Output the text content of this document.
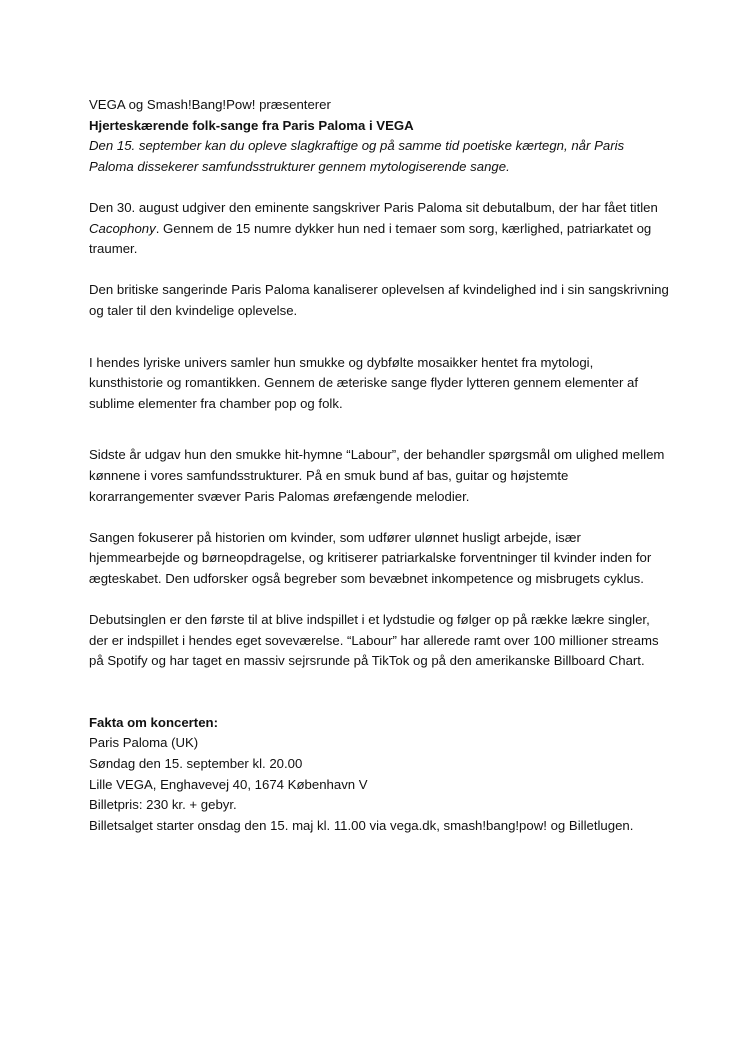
VEGA og Smash!Bang!Pow! præsenterer

Hjerteskærende folk-sange fra Paris Paloma i VEGA

Den 15. september kan du opleve slagkraftige og på samme tid poetiske kærtegn, når Paris Paloma dissekerer samfundsstrukturer gennem mytologiserende sange.

Den 30. august udgiver den eminente sangskriver Paris Paloma sit debutalbum, der har fået titlen Cacophony. Gennem de 15 numre dykker hun ned i temaer som sorg, kærlighed, patriarkatet og traumer.

Den britiske sangerinde Paris Paloma kanaliserer oplevelsen af kvindelighed ind i sin sangskrivning og taler til den kvindelige oplevelse.

I hendes lyriske univers samler hun smukke og dybfølte mosaikker hentet fra mytologi, kunsthistorie og romantikken. Gennem de æteriske sange flyder lytteren gennem elementer af sublime elementer fra chamber pop og folk.

Sidste år udgav hun den smukke hit-hymne “Labour”, der behandler spørgsmål om ulighed mellem kønnene i vores samfundsstrukturer. På en smuk bund af bas, guitar og højstemte korarrangementer svæver Paris Palomas ørefængende melodier.

Sangen fokuserer på historien om kvinder, som udfører ulønnet husligt arbejde, især hjemmearbejde og børneopdragelse, og kritiserer patriarkalske forventninger til kvinder inden for ægteskabet. Den udforsker også begreber som bevæbnet inkompetence og misbrugets cyklus.

Debutsinglen er den første til at blive indspillet i et lydstudie og følger op på række lækre singler, der er indspillet i hendes eget soveværelse. “Labour” har allerede ramt over 100 millioner streams på Spotify og har taget en massiv sejrsrunde på TikTok og på den amerikanske Billboard Chart.

Fakta om koncerten:

Paris Paloma (UK)

Søndag den 15. september kl. 20.00

Lille VEGA, Enghavevej 40, 1674 København V

Billetpris: 230 kr. + gebyr.

Billetsalget starter onsdag den 15. maj kl. 11.00 via vega.dk, smash!bang!pow! og Billetlugen.
